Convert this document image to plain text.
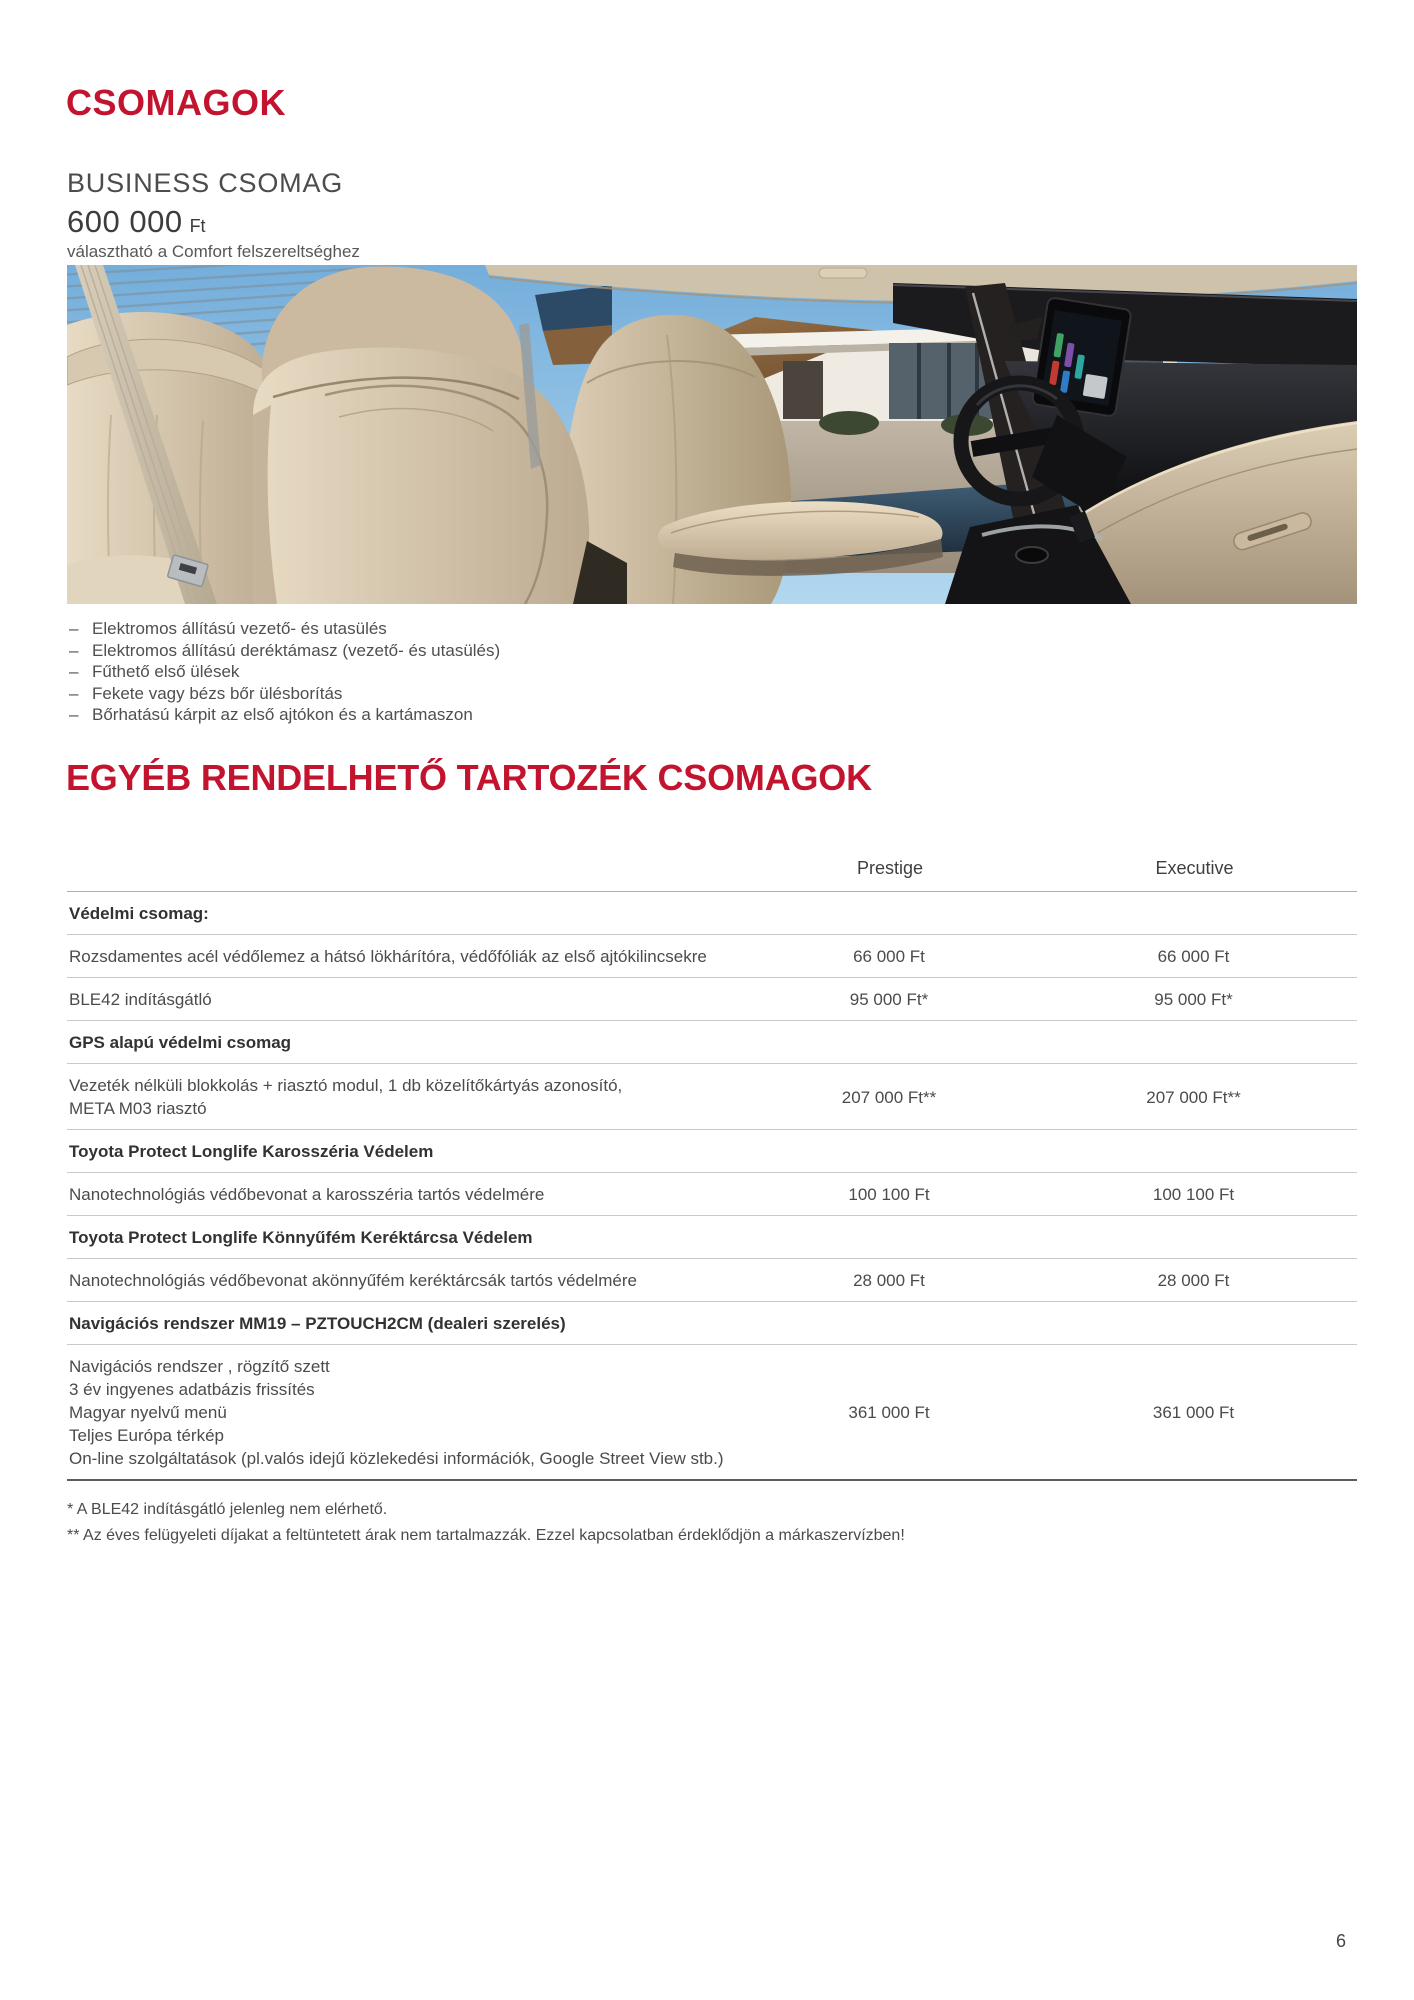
CSOMAGOK
BUSINESS CSOMAG
600 000 Ft
választható a Comfort felszereltséghez
– Elektromos állítású vezető- és utasülés
– Elektromos állítású deréktámasz (vezető- és utasülés)
– Fűthető első ülések
– Fekete vagy bézs bőr ülésborítás
– Bőrhatású kárpit az első ajtókon és a kartámaszon
EGYÉB RENDELHETŐ TARTOZÉK CSOMAGOK
	Prestige	Executive
Védelmi csomag:		
Rozsdamentes acél védőlemez a hátsó lökhárítóra, védőfóliák az első ajtókilincsekre	66 000 Ft	66 000 Ft
BLE42 indításgátló	95 000 Ft*	95 000 Ft*
GPS alapú védelmi csomag		

Vezeték nélküli blokkolás + riasztó modul, 1 db közelítőkártyás azonosító,
META M03 riasztó	207 000 Ft**	207 000 Ft**
Toyota Protect Longlife Karosszéria Védelem		
Nanotechnológiás védőbevonat a karosszéria tartós védelmére	100 100 Ft	100 100 Ft
Toyota Protect Longlife Könnyűfém Keréktárcsa Védelem		
Nanotechnológiás védőbevonat akönnyűfém keréktárcsák tartós védelmére	28 000 Ft	28 000 Ft
Navigációs rendszer MM19 – PZTOUCH2CM (dealeri szerelés)		

Navigációs rendszer , rögzítő szett
3 év ingyenes adatbázis frissítés
Magyar nyelvű menü
Teljes Európa térkép
On-line szolgáltatások (pl.valós idejű közlekedési információk, Google Street View stb.)	361 000 Ft	361 000 Ft
* A BLE42 indításgátló jelenleg nem elérhető.
** Az éves felügyeleti díjakat a feltüntetett árak nem tartalmazzák. Ezzel kapcsolatban érdeklődjön a márkaszervízben!
6
